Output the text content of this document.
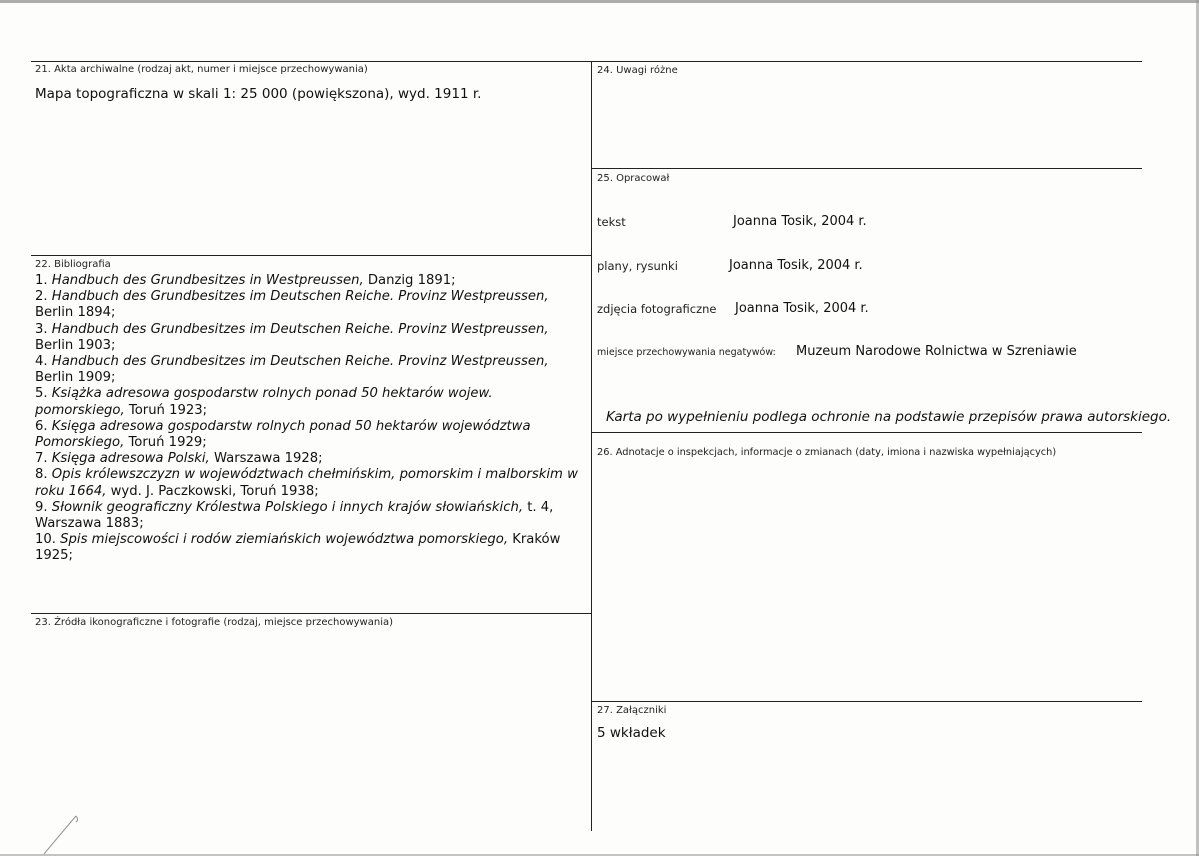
21. Akta archiwalne (rodzaj akt, numer i miejsce przechowywania)
Mapa topograficzna w skali 1: 25 000 (powiększona), wyd. 1911 r.
22. Bibliografia
1. Handbuch des Grundbesitzes in Westpreussen, Danzig 1891;
2. Handbuch des Grundbesitzes im Deutschen Reiche. Provinz Westpreussen,
Berlin 1894;
3. Handbuch des Grundbesitzes im Deutschen Reiche. Provinz Westpreussen,
Berlin 1903;
4. Handbuch des Grundbesitzes im Deutschen Reiche. Provinz Westpreussen,
Berlin 1909;
5. Książka adresowa gospodarstw rolnych ponad 50 hektarów wojew.
pomorskiego, Toruń 1923;
6. Księga adresowa gospodarstw rolnych ponad 50 hektarów województwa
Pomorskiego, Toruń 1929;
7. Księga adresowa Polski, Warszawa 1928;
8. Opis królewszczyzn w województwach chełmińskim, pomorskim i malborskim w
roku 1664, wyd. J. Paczkowski, Toruń 1938;
9. Słownik geograficzny Królestwa Polskiego i innych krajów słowiańskich, t. 4,
Warszawa 1883;
10. Spis miejscowości i rodów ziemiańskich województwa pomorskiego, Kraków 1925;
23. Źródła ikonograficzne i fotografie (rodzaj, miejsce przechowywania)
24. Uwagi różne
25. Opracował
tekst	Joanna Tosik, 2004 r.
plany, rysunki	Joanna Tosik, 2004 r.
zdjęcia fotograficzne Joanna Tosik, 2004 r.
miejsce przechowywania negatywów: Muzeum Narodowe Rolnictwa w Szreniawie
Karta po wypełnieniu podlega ochronie na podstawie przepisów prawa autorskiego.
26. Adnotacje o inspekcjach, informacje o zmianach (daty, imiona i nazwiska wypełniających)
27. Załączniki
5 wkładek
